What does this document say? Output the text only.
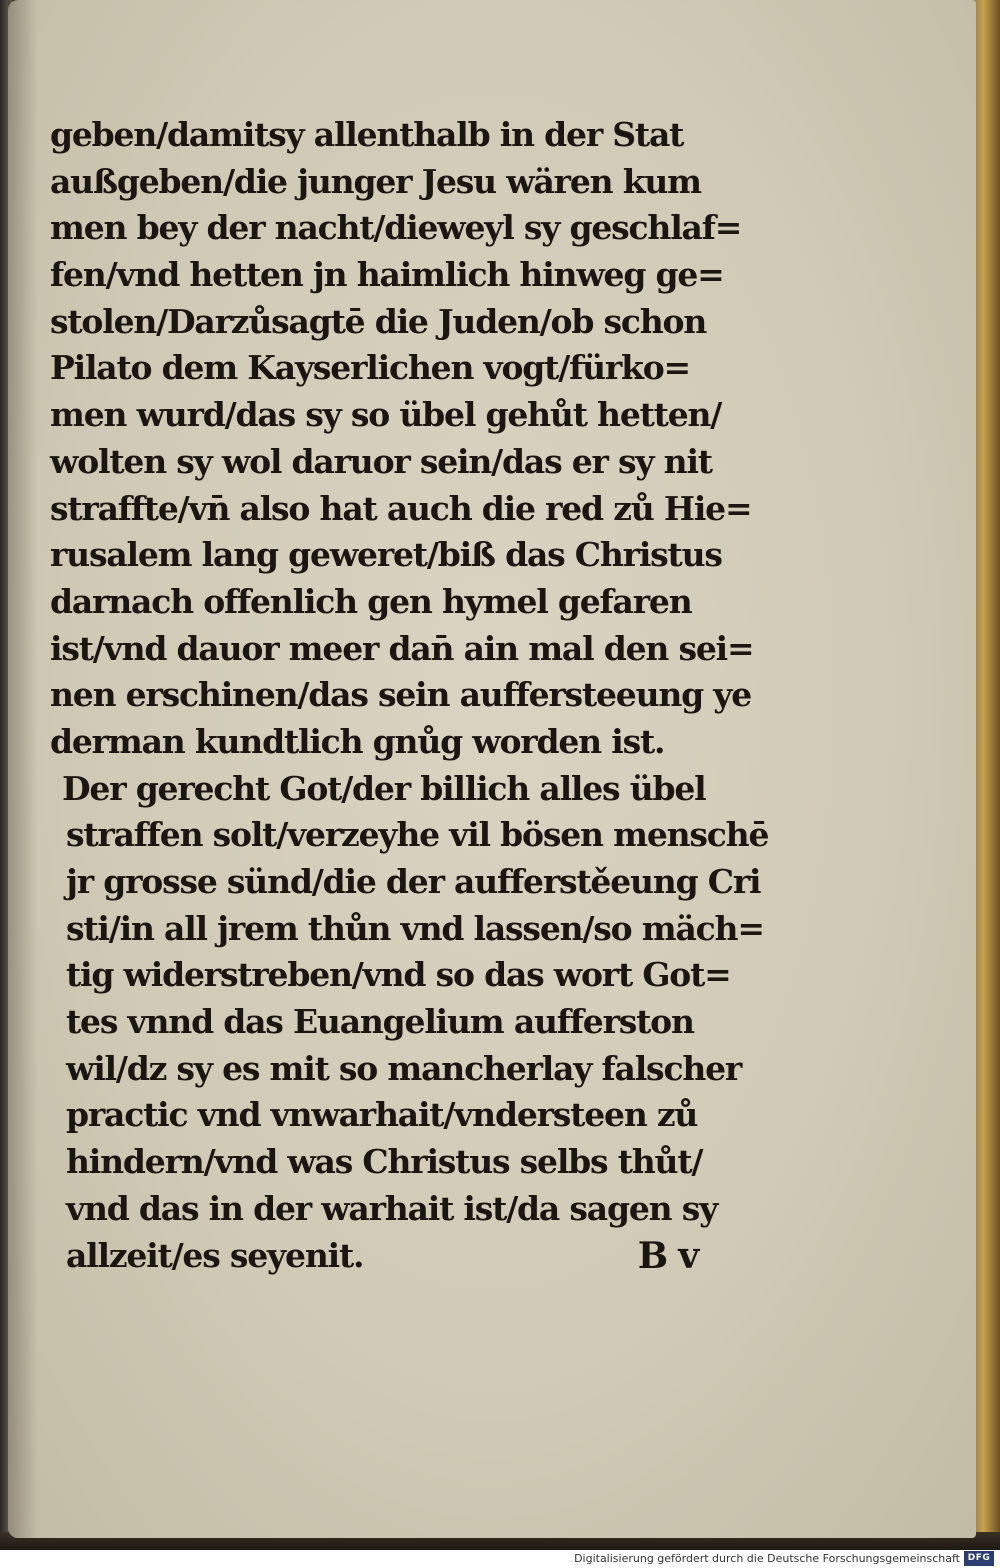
geben/damitsy allenthalb in der Stat
außgeben/die junger Jesu wären kum
men bey der nacht/dieweyl sy geschlaf=
fen/vnd hetten jn haimlich hinweg ge=
stolen/Darzůsagtē die Juden/ob schon
Pilato dem Kayserlichen vogt/fürko=
men wurd/das sy so übel gehůt hetten/
wolten sy wol daruor sein/das er sy nit
straffte/vn̄ also hat auch die red zů Hie=
rusalem lang geweret/biß das Christus
darnach offenlich gen hymel gefaren
ist/vnd dauor meer dan̄ ain mal den sei=
nen erschinen/das sein auffersteeung ye
derman kundtlich gnůg worden ist.
Der gerecht Got/der billich alles übel
straffen solt/verzeyhe vil bösen menschē
jr grosse sünd/die der aufferstěeung Cri
sti/in all jrem thůn vnd lassen/so mäch=
tig widerstreben/vnd so das wort Got=
tes vnnd das Euangelium aufferston
wil/dz sy es mit so mancherlay falscher
practic vnd vnwarhait/vndersteen zů
hindern/vnd was Christus selbs thůt/
vnd das in der warhait ist/da sagen sy
allzeit/es seyenit.	B v
Digitalisierung gefördert durch die Deutsche Forschungsgemeinschaft DFG
